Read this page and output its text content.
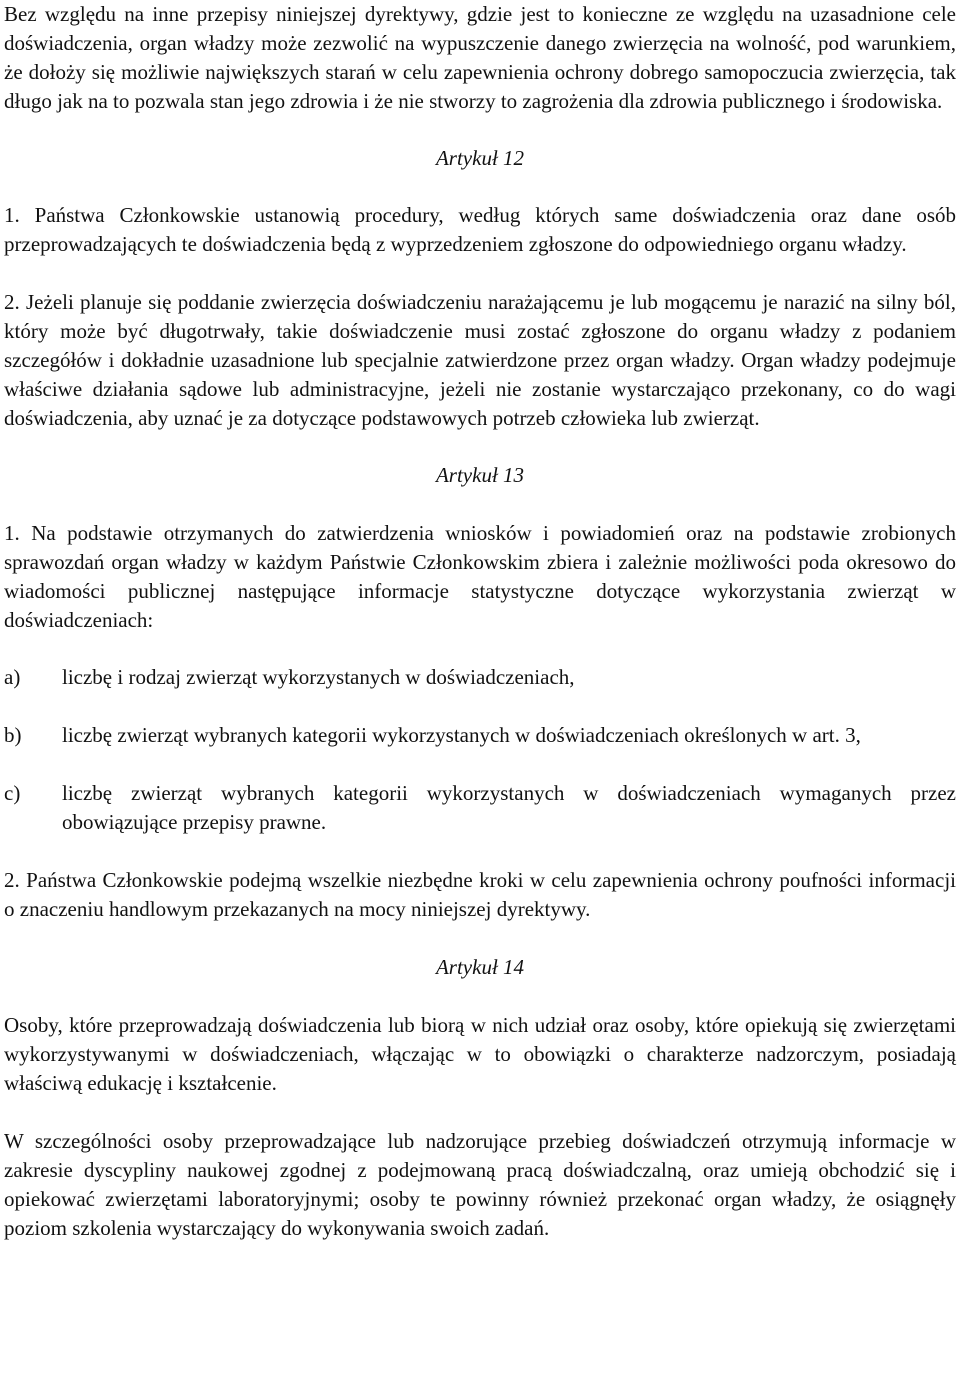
Bez względu na inne przepisy niniejszej dyrektywy, gdzie jest to konieczne ze względu na uzasadnione cele doświadczenia, organ władzy może zezwolić na wypuszczenie danego zwierzęcia na wolność, pod warunkiem, że dołoży się możliwie największych starań w celu zapewnienia ochrony dobrego samopoczucia zwierzęcia, tak długo jak na to pozwala stan jego zdrowia i że nie stworzy to zagrożenia dla zdrowia publicznego i środowiska.

Artykuł 12

1. Państwa Członkowskie ustanowią procedury, według których same doświadczenia oraz dane osób przeprowadzających te doświadczenia będą z wyprzedzeniem zgłoszone do odpowiedniego organu władzy.

2. Jeżeli planuje się poddanie zwierzęcia doświadczeniu narażającemu je lub mogącemu je narazić na silny ból, który może być długotrwały, takie doświadczenie musi zostać zgłoszone do organu władzy z podaniem szczegółów i dokładnie uzasadnione lub specjalnie zatwierdzone przez organ władzy. Organ władzy podejmuje właściwe działania sądowe lub administracyjne, jeżeli nie zostanie wystarczająco przekonany, co do wagi doświadczenia, aby uznać je za dotyczące podstawowych potrzeb człowieka lub zwierząt.

Artykuł 13

1. Na podstawie otrzymanych do zatwierdzenia wniosków i powiadomień oraz na podstawie zrobionych sprawozdań organ władzy w każdym Państwie Członkowskim zbiera i zależnie możliwości poda okresowo do wiadomości publicznej następujące informacje statystyczne dotyczące wykorzystania zwierząt w doświadczeniach:

a)	liczbę i rodzaj zwierząt wykorzystanych w doświadczeniach,
b)	liczbę zwierząt wybranych kategorii wykorzystanych w doświadczeniach określonych w art. 3,
c)	liczbę zwierząt wybranych kategorii wykorzystanych w doświadczeniach wymaganych przez obowiązujące przepisy prawne.

2. Państwa Członkowskie podejmą wszelkie niezbędne kroki w celu zapewnienia ochrony poufności informacji o znaczeniu handlowym przekazanych na mocy niniejszej dyrektywy.

Artykuł 14

Osoby, które przeprowadzają doświadczenia lub biorą w nich udział oraz osoby, które opiekują się zwierzętami wykorzystywanymi w doświadczeniach, włączając w to obowiązki o charakterze nadzorczym, posiadają właściwą edukację i kształcenie.

W szczególności osoby przeprowadzające lub nadzorujące przebieg doświadczeń otrzymują informacje w zakresie dyscypliny naukowej zgodnej z podejmowaną pracą doświadczalną, oraz umieją obchodzić się i opiekować zwierzętami laboratoryjnymi; osoby te powinny również przekonać organ władzy, że osiągnęły poziom szkolenia wystarczający do wykonywania swoich zadań.
